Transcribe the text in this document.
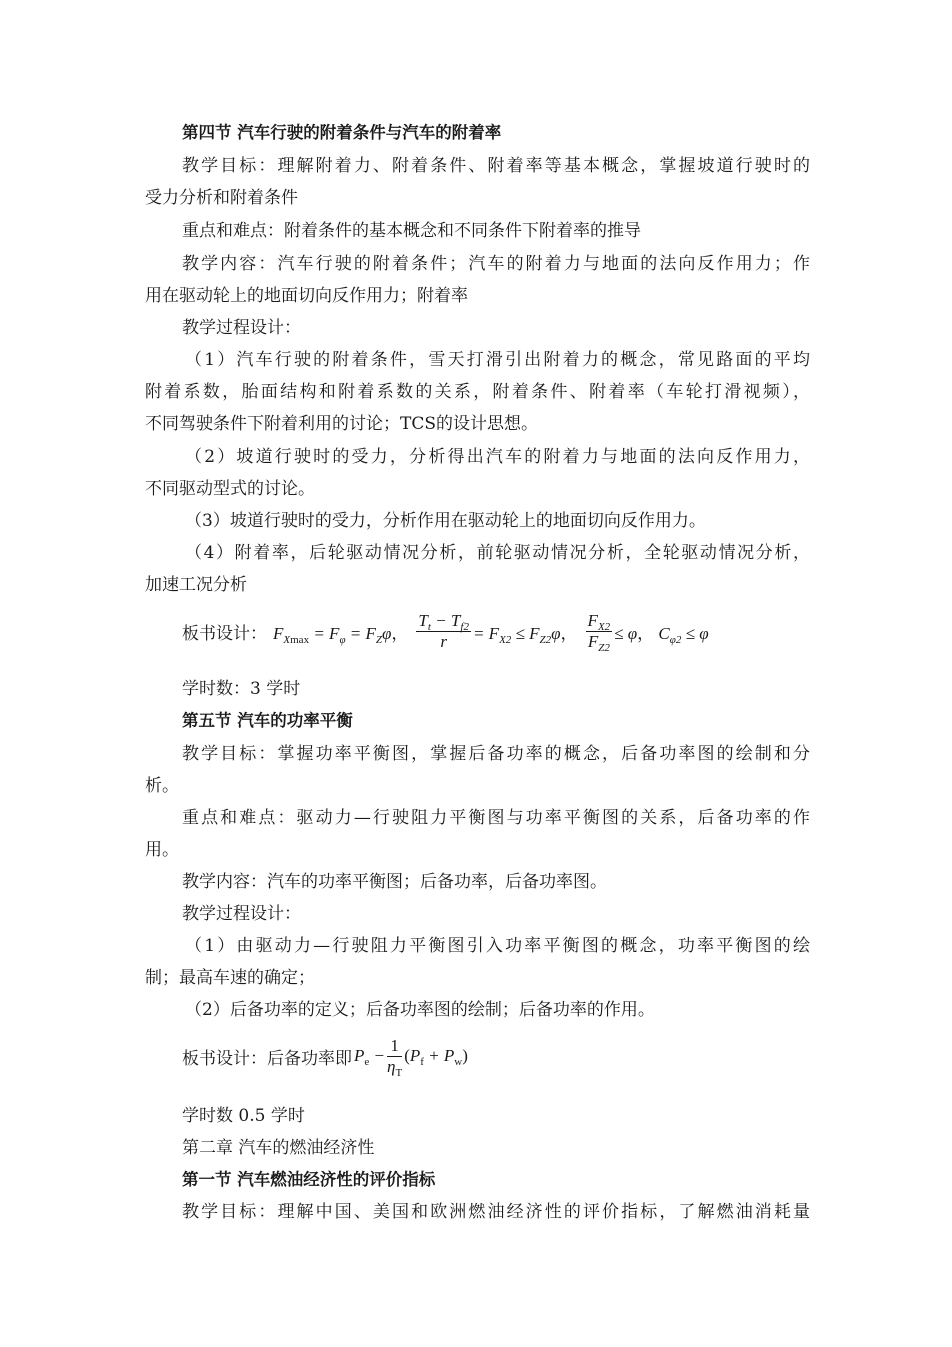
第四节 汽车行驶的附着条件与汽车的附着率
教学目标：理解附着力、附着条件、附着率等基本概念，掌握坡道行驶时的
受力分析和附着条件
重点和难点：附着条件的基本概念和不同条件下附着率的推导
教学内容：汽车行驶的附着条件；汽车的附着力与地面的法向反作用力；作
用在驱动轮上的地面切向反作用力；附着率
教学过程设计：
（1）汽车行驶的附着条件，雪天打滑引出附着力的概念，常见路面的平均
附着系数，胎面结构和附着系数的关系，附着条件、附着率（车轮打滑视频），
不同驾驶条件下附着利用的讨论；TCS的设计思想。
（2）坡道行驶时的受力，分析得出汽车的附着力与地面的法向反作用力，
不同驱动型式的讨论。
（3）坡道行驶时的受力，分析作用在驱动轮上的地面切向反作用力。
（4）附着率，后轮驱动情况分析，前轮驱动情况分析，全轮驱动情况分析，
加速工况分析
板书设计： $F_{Xmax} = F_\varphi = F_Z\varphi$， $\frac{T_t - T_{f2}}{r} = F_{X2} \le F_{Z2}\varphi$， $\frac{F_{X2}}{F_{Z2}} \le \varphi$， $C_{\varphi 2} \le \varphi$
学时数：3 学时
第五节 汽车的功率平衡
教学目标：掌握功率平衡图，掌握后备功率的概念，后备功率图的绘制和分
析。
重点和难点：驱动力—行驶阻力平衡图与功率平衡图的关系，后备功率的作
用。
教学内容：汽车的功率平衡图；后备功率，后备功率图。
教学过程设计：
（1）由驱动力—行驶阻力平衡图引入功率平衡图的概念，功率平衡图的绘
制；最高车速的确定；
（2）后备功率的定义；后备功率图的绘制；后备功率的作用。
板书设计：后备功率即 $P_e - \frac{1}{\eta_T} (P_f + P_w)$
学时数 0.5 学时
第二章 汽车的燃油经济性
第一节 汽车燃油经济性的评价指标
教学目标：理解中国、美国和欧洲燃油经济性的评价指标，了解燃油消耗量
